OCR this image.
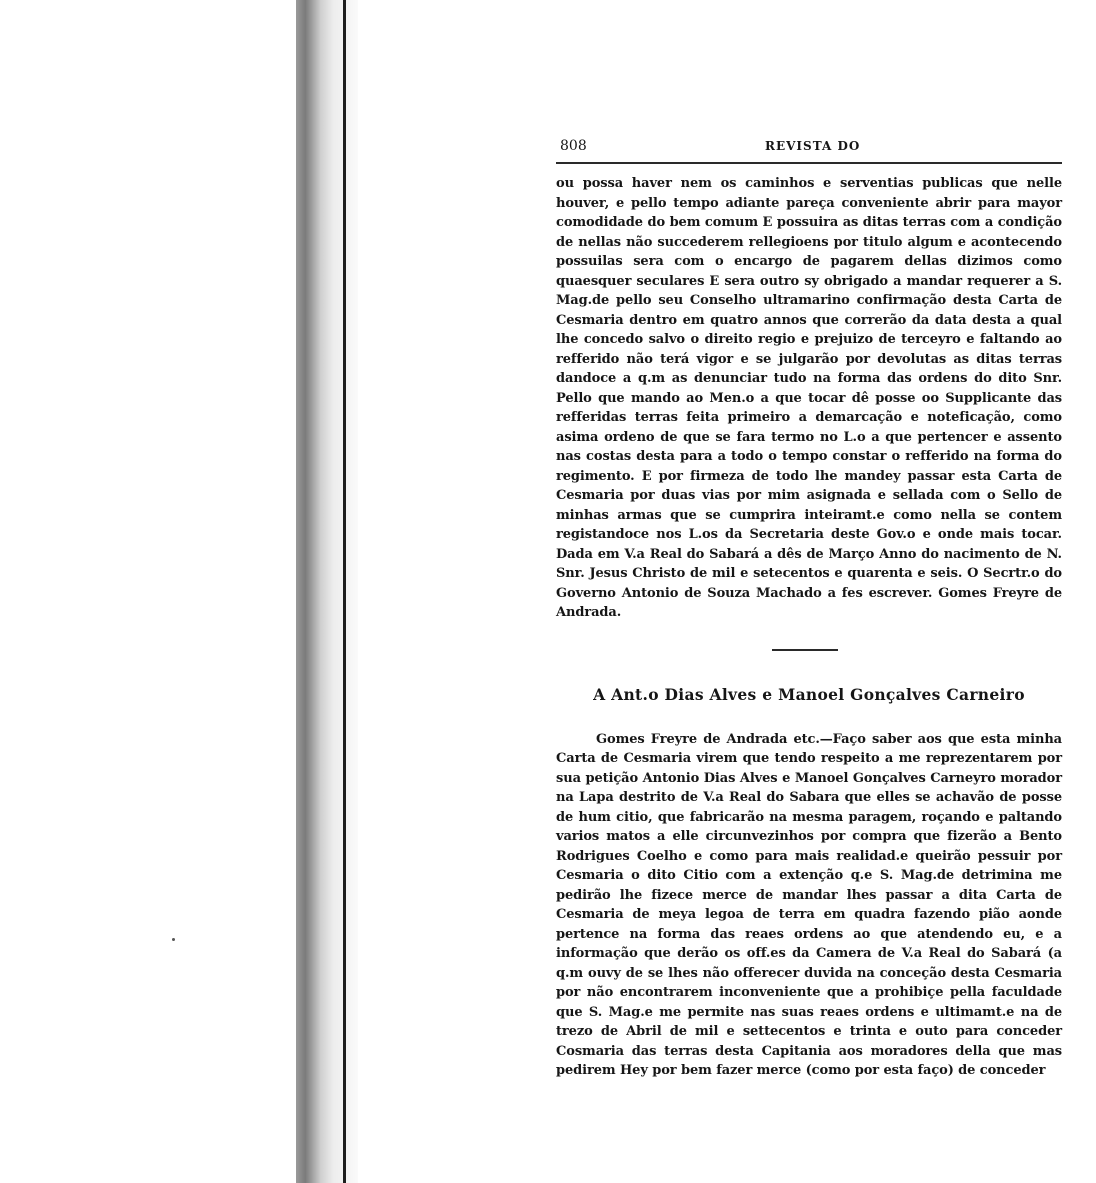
808	REVISTA DO

ou possa haver nem os caminhos e serventias publicas que nelle houver, e pello tempo adiante pareça conveniente abrir para mayor comodidade do bem comum E possuira as ditas terras com a condição de nellas não succederem rellegioens por titulo algum e acontecendo possuilas sera com o encargo de pagarem dellas dizimos como quaesquer seculares E sera outro sy obrigado a mandar requerer a S. Mag.de pello seu Conselho ultramarino confirmação desta Carta de Cesmaria dentro em quatro annos que correrão da data desta a qual lhe concedo salvo o direito regio e prejuizo de terceyro e faltando ao refferido não terá vigor e se julgarão por devolutas as ditas terras dandoce a q.m as denunciar tudo na forma das ordens do dito Snr. Pello que mando ao Men.o a que tocar dê posse oo Supplicante das refferidas terras feita primeiro a demarcação e noteficação, como asima ordeno de que se fara termo no L.o a que pertencer e assento nas costas desta para a todo o tempo constar o refferido na forma do regimento. E por firmeza de todo lhe mandey passar esta Carta de Cesmaria por duas vias por mim asignada e sellada com o Sello de minhas armas que se cumprira inteiramt.e como nella se contem registandoce nos L.os da Secretaria deste Gov.o e onde mais tocar. Dada em V.a Real do Sabará a dês de Março Anno do nacimento de N. Snr. Jesus Christo de mil e setecentos e quarenta e seis. O Secrtr.o do Governo Antonio de Souza Machado a fes escrever. Gomes Freyre de Andrada.

A Ant.o Dias Alves e Manoel Gonçalves Carneiro

Gomes Freyre de Andrada etc.—Faço saber aos que esta minha Carta de Cesmaria virem que tendo respeito a me reprezentarem por sua petição Antonio Dias Alves e Manoel Gonçalves Carneyro morador na Lapa destrito de V.a Real do Sabara que elles se achavão de posse de hum citio, que fabricarão na mesma paragem, roçando e paltando varios matos a elle circunvezinhos por compra que fizerão a Bento Rodrigues Coelho e como para mais realidad.e queirão pessuir por Cesmaria o dito Citio com a extenção q.e S. Mag.de detrimina me pedirão lhe fizece merce de mandar lhes passar a dita Carta de Cesmaria de meya legoa de terra em quadra fazendo pião aonde pertence na forma das reaes ordens ao que atendendo eu, e a informação que derão os off.es da Camera de V.a Real do Sabará (a q.m ouvy de se lhes não offerecer duvida na conceção desta Cesmaria por não encontrarem inconveniente que a prohibiçe pella faculdade que S. Mag.e me permite nas suas reaes ordens e ultimamt.e na de trezo de Abril de mil e settecentos e trinta e outo para conceder Cosmaria das terras desta Capitania aos moradores della que mas pedirem Hey por bem fazer merce (como por esta faço) de conceder
